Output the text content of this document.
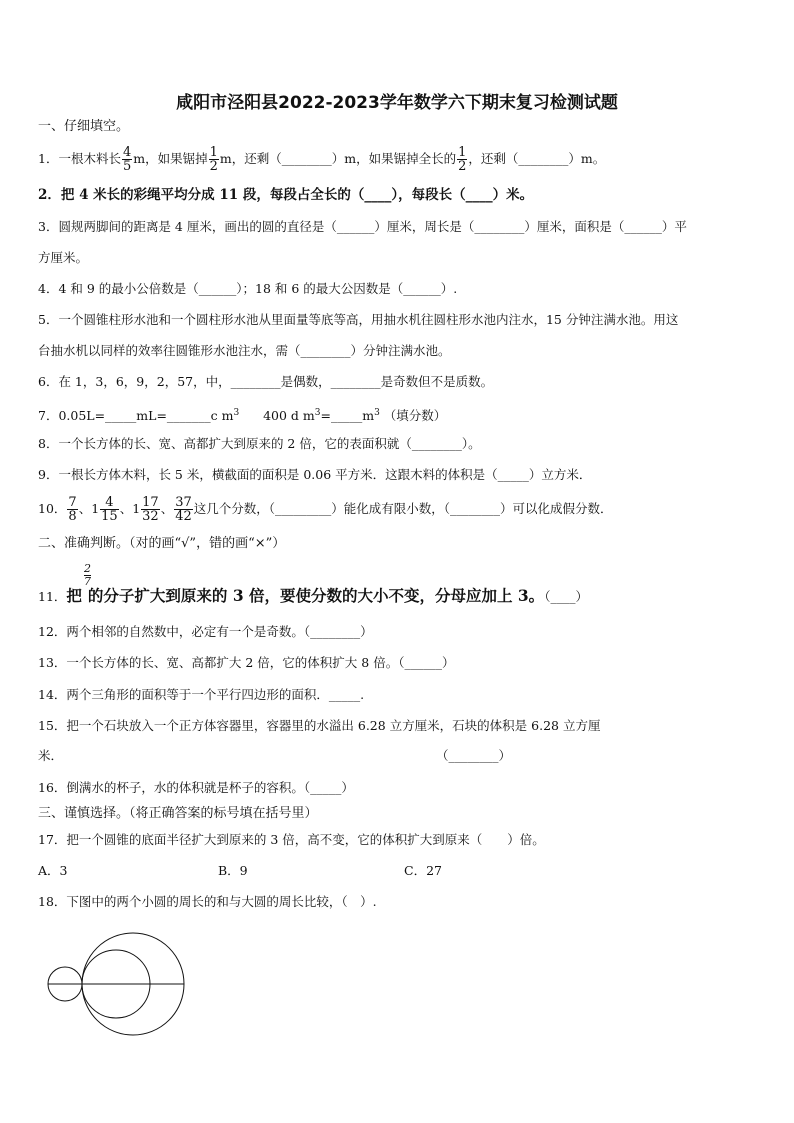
咸阳市泾阳县2022-2023学年数学六下期末复习检测试题
一、仔细填空。
1．一根木料长 $\frac{4}{5}$ m，如果锯掉 $\frac{1}{2}$ m，还剩（________）m，如果锯掉全长的 $\frac{1}{2}$ ，还剩（________）m。
2．把 4 米长的彩绳平均分成 11 段，每段占全长的（____），每段长（____）米。
3．圆规两脚间的距离是 4 厘米，画出的圆的直径是（______）厘米，周长是（________）厘米，面积是（______）平
方厘米。
4．4 和 9 的最小公倍数是（______）；18 和 6 的最大公因数是（______）.
5．一个圆锥柱形水池和一个圆柱形水池从里面量等底等高，用抽水机往圆柱形水池内注水，15 分钟注满水池。用这
台抽水机以同样的效率往圆锥形水池注水，需（________）分钟注满水池。
6．在 1，3，6，9，2，57，中，________是偶数，________是奇数但不是质数。
7．0.05L=_____mL=_______c $m^3$ 400 d $m^3=\_\_\_\_\_m^3$ （填分数）
8．一个长方体的长、宽、高都扩大到原来的 2 倍，它的表面积就（________）。
9．一根长方体木料，长 5 米，横截面的面积是 0.06 平方米．这跟木料的体积是（_____）立方米．
10． $\frac{7}{8}$ 、$1 \frac{4}{15}$ 、$1 \frac{17}{32}$ 、 $\frac{37}{42}$ 这几个分数，（_________）能化成有限小数，（________）可以化成假分数．
二、准确判断。（对的画“√”，错的画“×”）
$\frac{2}{7}$
11．把 的分子扩大到原来的 3 倍，要使分数的大小不变，分母应加上 3。（____）
12．两个相邻的自然数中，必定有一个是奇数。（________）
13．一个长方体的长、宽、高都扩大 2 倍，它的体积扩大 8 倍。（______）
14．两个三角形的面积等于一个平行四边形的面积．_____.
15．把一个石块放入一个正方体容器里，容器里的水溢出 6.28 立方厘米，石块的体积是 6.28 立方厘
米．	（________）
16．倒满水的杯子，水的体积就是杯子的容积。（_____）
三、谨慎选择。（将正确答案的标号填在括号里）
17．把一个圆锥的底面半径扩大到原来的 3 倍，高不变，它的体积扩大到原来（　　）倍。
A．3	B．9	C．27
18．下图中的两个小圆的周长的和与大圆的周长比较，（　）.
